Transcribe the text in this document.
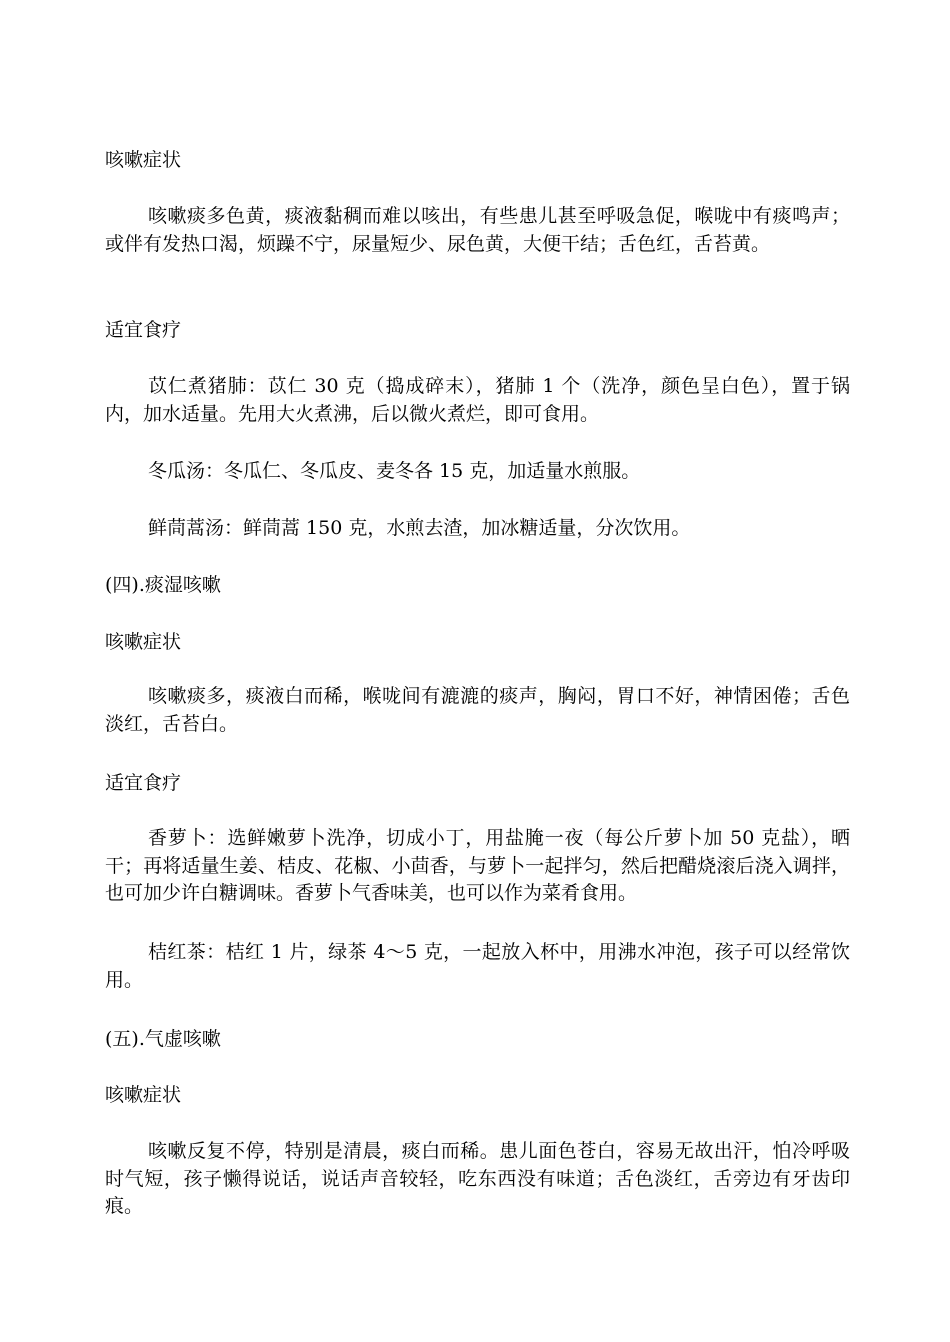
咳嗽症状
咳嗽痰多色黄，痰液黏稠而难以咳出，有些患儿甚至呼吸急促，喉咙中有痰鸣声；或伴有发热口渴，烦躁不宁，尿量短少、尿色黄，大便干结；舌色红，舌苔黄。
适宜食疗
苡仁煮猪肺：苡仁 30 克（捣成碎末），猪肺 1 个（洗净，颜色呈白色），置于锅内，加水适量。先用大火煮沸，后以微火煮烂，即可食用。
冬瓜汤：冬瓜仁、冬瓜皮、麦冬各 15 克，加适量水煎服。
鲜茼蒿汤：鲜茼蒿 150 克，水煎去渣，加冰糖适量，分次饮用。
(四).痰湿咳嗽
咳嗽症状
咳嗽痰多，痰液白而稀，喉咙间有漉漉的痰声，胸闷，胃口不好，神情困倦；舌色淡红，舌苔白。
适宜食疗
香萝卜：选鲜嫩萝卜洗净，切成小丁，用盐腌一夜（每公斤萝卜加 50 克盐），晒干；再将适量生姜、桔皮、花椒、小茴香，与萝卜一起拌匀，然后把醋烧滚后浇入调拌，也可加少许白糖调味。香萝卜气香味美，也可以作为菜肴食用。
桔红茶：桔红 1 片，绿茶 4～5 克，一起放入杯中，用沸水冲泡，孩子可以经常饮用。
(五).气虚咳嗽
咳嗽症状
咳嗽反复不停，特别是清晨，痰白而稀。患儿面色苍白，容易无故出汗，怕冷呼吸时气短，孩子懒得说话，说话声音较轻，吃东西没有味道；舌色淡红，舌旁边有牙齿印痕。
